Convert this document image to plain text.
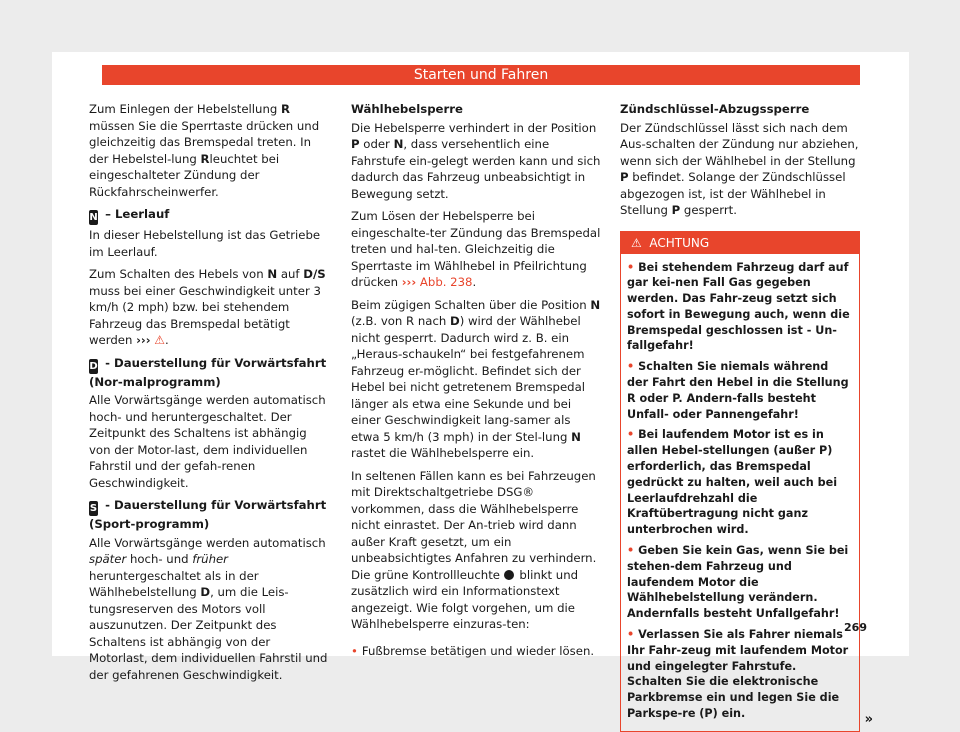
Starten und Fahren

Zum Einlegen der Hebelstellung R müssen Sie die Sperrtaste drücken und gleichzeitig das Bremspedal treten. In der Hebelstel-lung Rleuchtet bei eingeschalteter Zündung der Rückfahrscheinwerfer.

N – Leerlauf

In dieser Hebelstellung ist das Getriebe im Leerlauf.

Zum Schalten des Hebels von N auf D/S muss bei einer Geschwindigkeit unter 3 km/h (2 mph) bzw. bei stehendem Fahrzeug das Bremspedal betätigt werden ››› ⚠.

D - Dauerstellung für Vorwärtsfahrt (Nor-malprogramm)

Alle Vorwärtsgänge werden automatisch hoch- und heruntergeschaltet. Der Zeitpunkt des Schaltens ist abhängig von der Motor-last, dem individuellen Fahrstil und der gefah-renen Geschwindigkeit.

S - Dauerstellung für Vorwärtsfahrt (Sport-programm)

Alle Vorwärtsgänge werden automatisch später hoch- und früher heruntergeschaltet als in der Wählhebelstellung D, um die Leis-tungsreserven des Motors voll auszunutzen. Der Zeitpunkt des Schaltens ist abhängig von der Motorlast, dem individuellen Fahrstil und der gefahrenen Geschwindigkeit.

Wählhebelsperre

Die Hebelsperre verhindert in der Position P oder N, dass versehentlich eine Fahrstufe ein-gelegt werden kann und sich dadurch das Fahrzeug unbeabsichtigt in Bewegung setzt.

Zum Lösen der Hebelsperre bei eingeschalte-ter Zündung das Bremspedal treten und hal-ten. Gleichzeitig die Sperrtaste im Wählhebel in Pfeilrichtung drücken ››› Abb. 238.

Beim zügigen Schalten über die Position N (z.B. von R nach D) wird der Wählhebel nicht gesperrt. Dadurch wird z. B. ein „Heraus-schaukeln“ bei festgefahrenem Fahrzeug er-möglicht. Befindet sich der Hebel bei nicht getretenem Bremspedal länger als etwa eine Sekunde und bei einer Geschwindigkeit lang-samer als etwa 5 km/h (3 mph) in der Stel-lung N rastet die Wählhebelsperre ein.

In seltenen Fällen kann es bei Fahrzeugen mit Direktschaltgetriebe DSG® vorkommen, dass die Wählhebelsperre nicht einrastet. Der An-trieb wird dann außer Kraft gesetzt, um ein unbeabsichtigtes Anfahren zu verhindern. Die grüne Kontrollleuchte  blinkt und zusätzlich wird ein Informationstext angezeigt. Wie folgt vorgehen, um die Wählhebelsperre einzuras-ten:

• Fußbremse betätigen und wieder lösen.

Zündschlüssel-Abzugssperre

Der Zündschlüssel lässt sich nach dem Aus-schalten der Zündung nur abziehen, wenn sich der Wählhebel in der Stellung P befindet. Solange der Zündschlüssel abgezogen ist, ist der Wählhebel in Stellung P gesperrt.

⚠ ACHTUNG

• Bei stehendem Fahrzeug darf auf gar kei-nen Fall Gas gegeben werden. Das Fahr-zeug setzt sich sofort in Bewegung auch, wenn die Bremspedal geschlossen ist - Un-fallgefahr!

• Schalten Sie niemals während der Fahrt den Hebel in die Stellung R oder P. Andern-falls besteht Unfall- oder Pannengefahr!

• Bei laufendem Motor ist es in allen Hebel-stellungen (außer P) erforderlich, das Bremspedal gedrückt zu halten, weil auch bei Leerlaufdrehzahl die Kraftübertragung nicht ganz unterbrochen wird.

• Geben Sie kein Gas, wenn Sie bei stehen-dem Fahrzeug und laufendem Motor die Wählhebelstellung verändern. Andernfalls besteht Unfallgefahr!

• Verlassen Sie als Fahrer niemals Ihr Fahr-zeug mit laufendem Motor und eingelegter Fahrstufe. Schalten Sie die elektronische Parkbremse ein und legen Sie die Parkspe-re (P) ein.	»
269
